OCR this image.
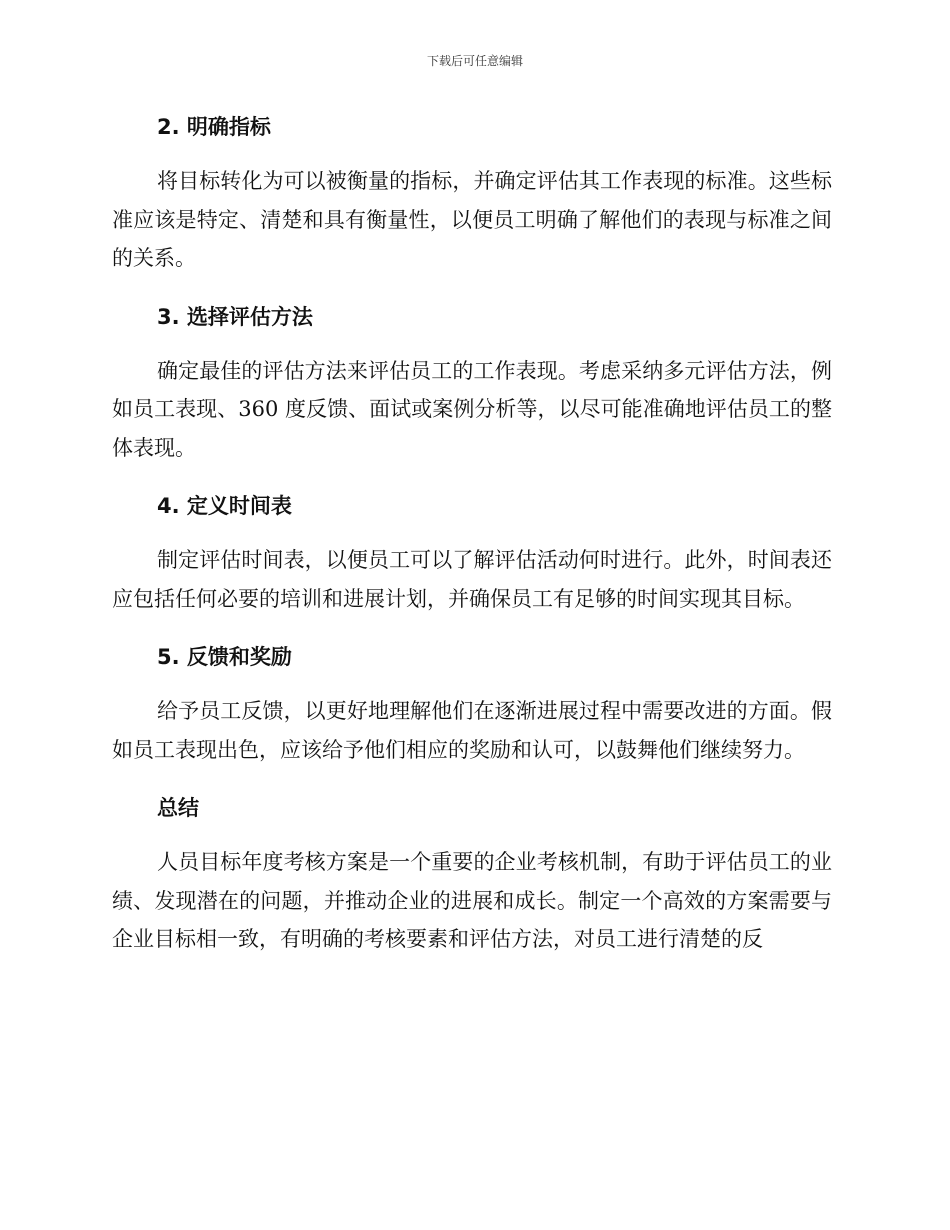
下载后可任意编辑
2. 明确指标

将目标转化为可以被衡量的指标，并确定评估其工作表现的标准。这些标准应该是特定、清楚和具有衡量性，以便员工明确了解他们的表现与标准之间的关系。

3. 选择评估方法

确定最佳的评估方法来评估员工的工作表现。考虑采纳多元评估方法，例如员工表现、360 度反馈、面试或案例分析等，以尽可能准确地评估员工的整体表现。

4. 定义时间表

制定评估时间表，以便员工可以了解评估活动何时进行。此外，时间表还应包括任何必要的培训和进展计划，并确保员工有足够的时间实现其目标。

5. 反馈和奖励

给予员工反馈，以更好地理解他们在逐渐进展过程中需要改进的方面。假如员工表现出色，应该给予他们相应的奖励和认可，以鼓舞他们继续努力。

总结

人员目标年度考核方案是一个重要的企业考核机制，有助于评估员工的业绩、发现潜在的问题，并推动企业的进展和成长。制定一个高效的方案需要与企业目标相一致，有明确的考核要素和评估方法，对员工进行清楚的反
